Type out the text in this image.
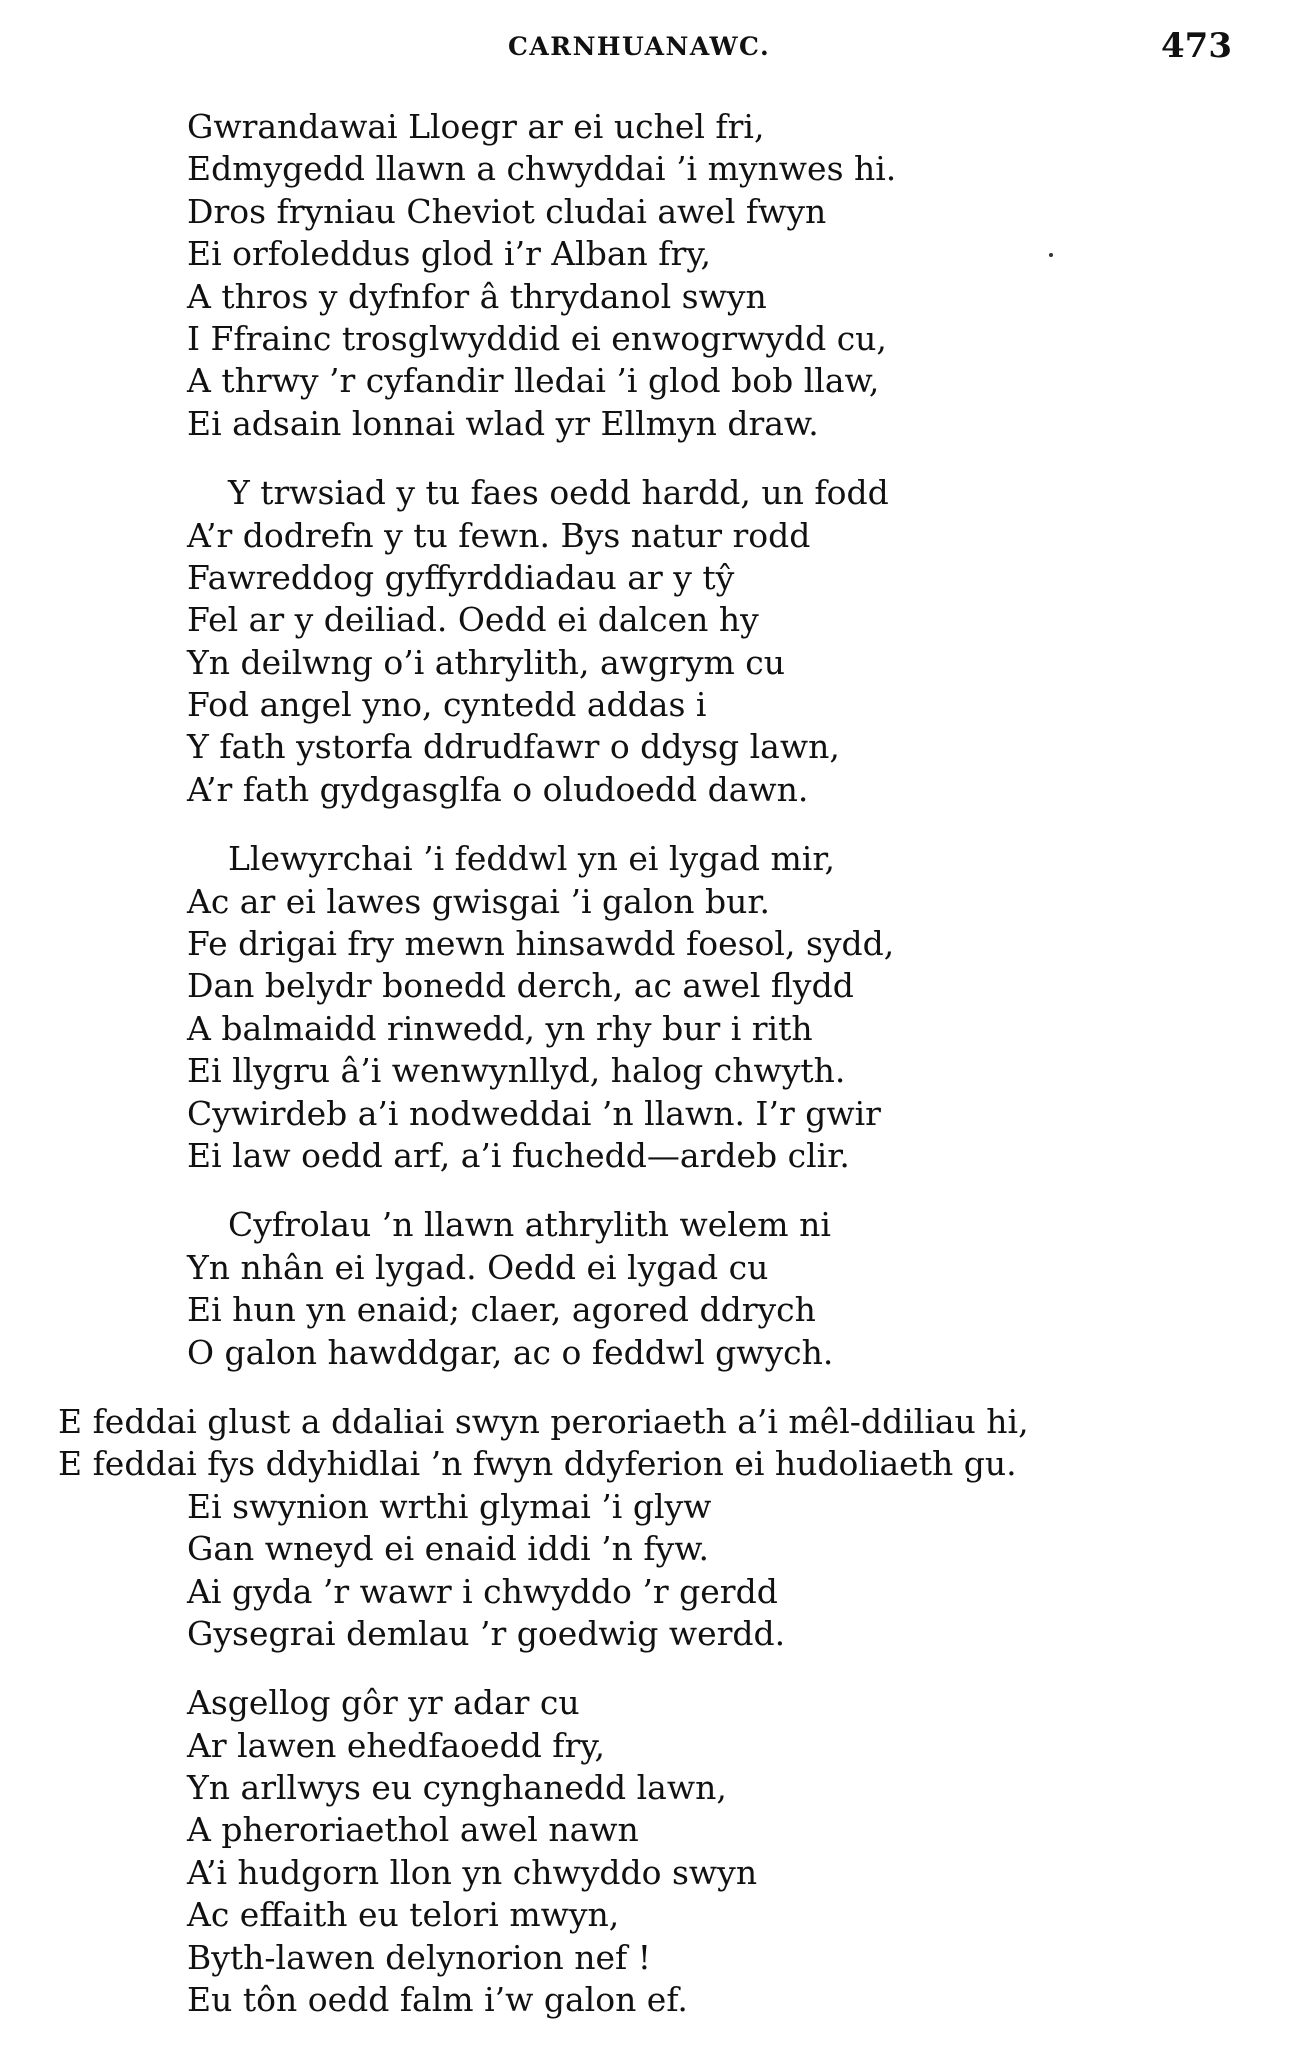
CARNHUANAWC.	473
Gwrandawai Lloegr ar ei uchel fri,
Edmygedd llawn a chwyddai ’i mynwes hi.
Dros fryniau Cheviot cludai awel fwyn
Ei orfoleddus glod i’r Alban fry,
A thros y dyfnfor â thrydanol swyn
I Ffrainc trosglwyddid ei enwogrwydd cu,
A thrwy ’r cyfandir lledai ’i glod bob llaw,
Ei adsain lonnai wlad yr Ellmyn draw.
Y trwsiad y tu faes oedd hardd, un fodd
A’r dodrefn y tu fewn. Bys natur rodd
Fawreddog gyffyrddiadau ar y tŷ
Fel ar y deiliad. Oedd ei dalcen hy
Yn deilwng o’i athrylith, awgrym cu
Fod angel yno, cyntedd addas i
Y fath ystorfa ddrudfawr o ddysg lawn,
A’r fath gydgasglfa o oludoedd dawn.
Llewyrchai ’i feddwl yn ei lygad mir,
Ac ar ei lawes gwisgai ’i galon bur.
Fe drigai fry mewn hinsawdd foesol, sydd,
Dan belydr bonedd derch, ac awel flydd
A balmaidd rinwedd, yn rhy bur i rith
Ei llygru â’i wenwynllyd, halog chwyth.
Cywirdeb a’i nodweddai ’n llawn. I’r gwir
Ei law oedd arf, a’i fuchedd—ardeb clir.
Cyfrolau ’n llawn athrylith welem ni
Yn nhân ei lygad. Oedd ei lygad cu
Ei hun yn enaid; claer, agored ddrych
O galon hawddgar, ac o feddwl gwych.
E feddai glust a ddaliai swyn peroriaeth a’i mêl-ddiliau hi,
E feddai fys ddyhidlai ’n fwyn ddyferion ei hudoliaeth gu.
Ei swynion wrthi glymai ’i glyw
Gan wneyd ei enaid iddi ’n fyw.
Ai gyda ’r wawr i chwyddo ’r gerdd
Gysegrai demlau ’r goedwig werdd.
Asgellog gôr yr adar cu
Ar lawen ehedfaoedd fry,
Yn arllwys eu cynghanedd lawn,
A pheroriaethol awel nawn
A’i hudgorn llon yn chwyddo swyn
Ac effaith eu telori mwyn,
Byth-lawen delynorion nef !
Eu tôn oedd falm i’w galon ef.
